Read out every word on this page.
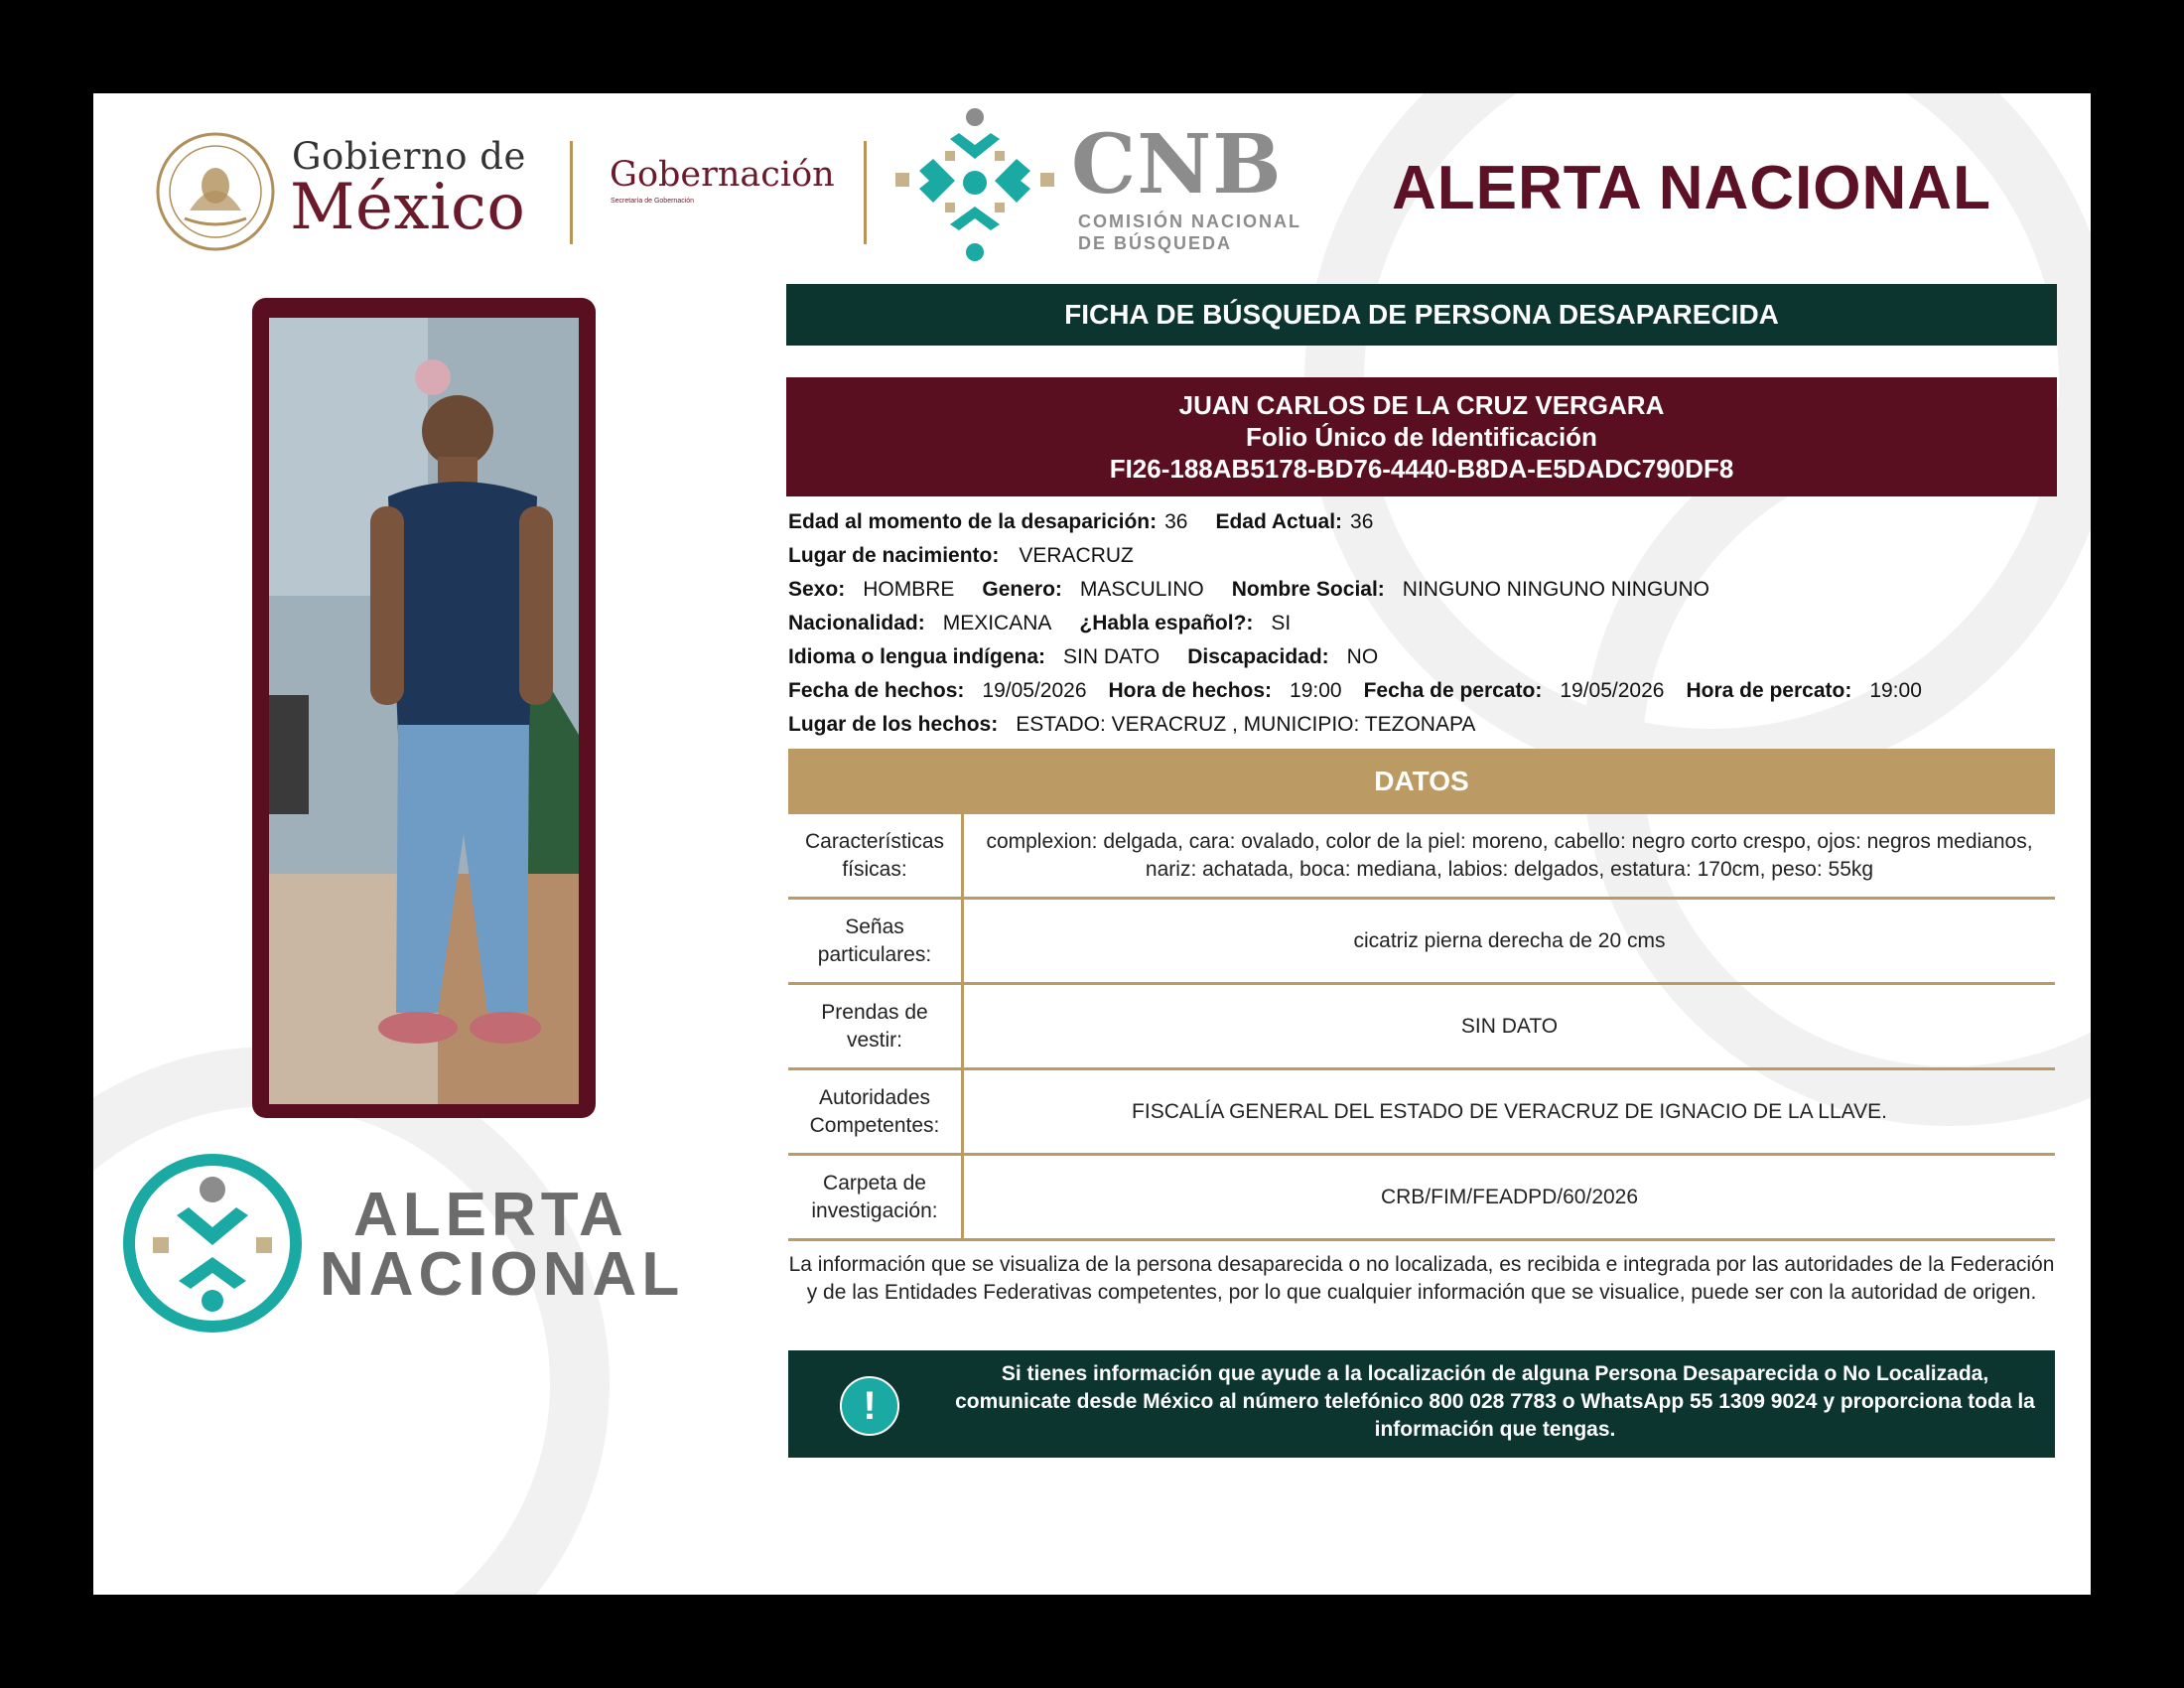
Gobierno de
México Gobernación
Secretaría de Gobernación	CNB
COMISIÓN NACIONAL
DE BÚSQUEDA
ALERTA NACIONAL
ALERTA
NACIONAL
FICHA DE BÚSQUEDA DE PERSONA DESAPARECIDA
JUAN CARLOS DE LA CRUZ VERGARA
Folio Único de Identificación
FI26-188AB5178-BD76-4440-B8DA-E5DADC790DF8
Edad al momento de la desaparición: 36 Edad Actual: 36
Lugar de nacimiento: VERACRUZ
Sexo: HOMBRE Genero: MASCULINO Nombre Social: NINGUNO NINGUNO NINGUNO
Nacionalidad: MEXICANA ¿Habla español?: SI
Idioma o lengua indígena: SIN DATO Discapacidad: NO
Fecha de hechos: 19/05/2026 Hora de hechos: 19:00 Fecha de percato: 19/05/2026 Hora de percato: 19:00
Lugar de los hechos: ESTADO: VERACRUZ , MUNICIPIO: TEZONAPA
DATOS
Características físicas:	complexion: delgada, cara: ovalado, color de la piel: moreno, cabello: negro corto crespo, ojos: negros medianos, nariz: achatada, boca: mediana, labios: delgados, estatura: 170cm, peso: 55kg
Señas particulares:	cicatriz pierna derecha de 20 cms
Prendas de vestir:	SIN DATO
Autoridades Competentes:	FISCALÍA GENERAL DEL ESTADO DE VERACRUZ DE IGNACIO DE LA LLAVE.
Carpeta de investigación:	CRB/FIM/FEADPD/60/2026
La información que se visualiza de la persona desaparecida o no localizada, es recibida e integrada por las autoridades de la Federación y de las Entidades Federativas competentes, por lo que cualquier información que se visualice, puede ser con la autoridad de origen.
!
Si tienes información que ayude a la localización de alguna Persona Desaparecida o No Localizada, comunicate desde México al número telefónico 800 028 7783 o WhatsApp 55 1309 9024 y proporciona toda la información que tengas.
